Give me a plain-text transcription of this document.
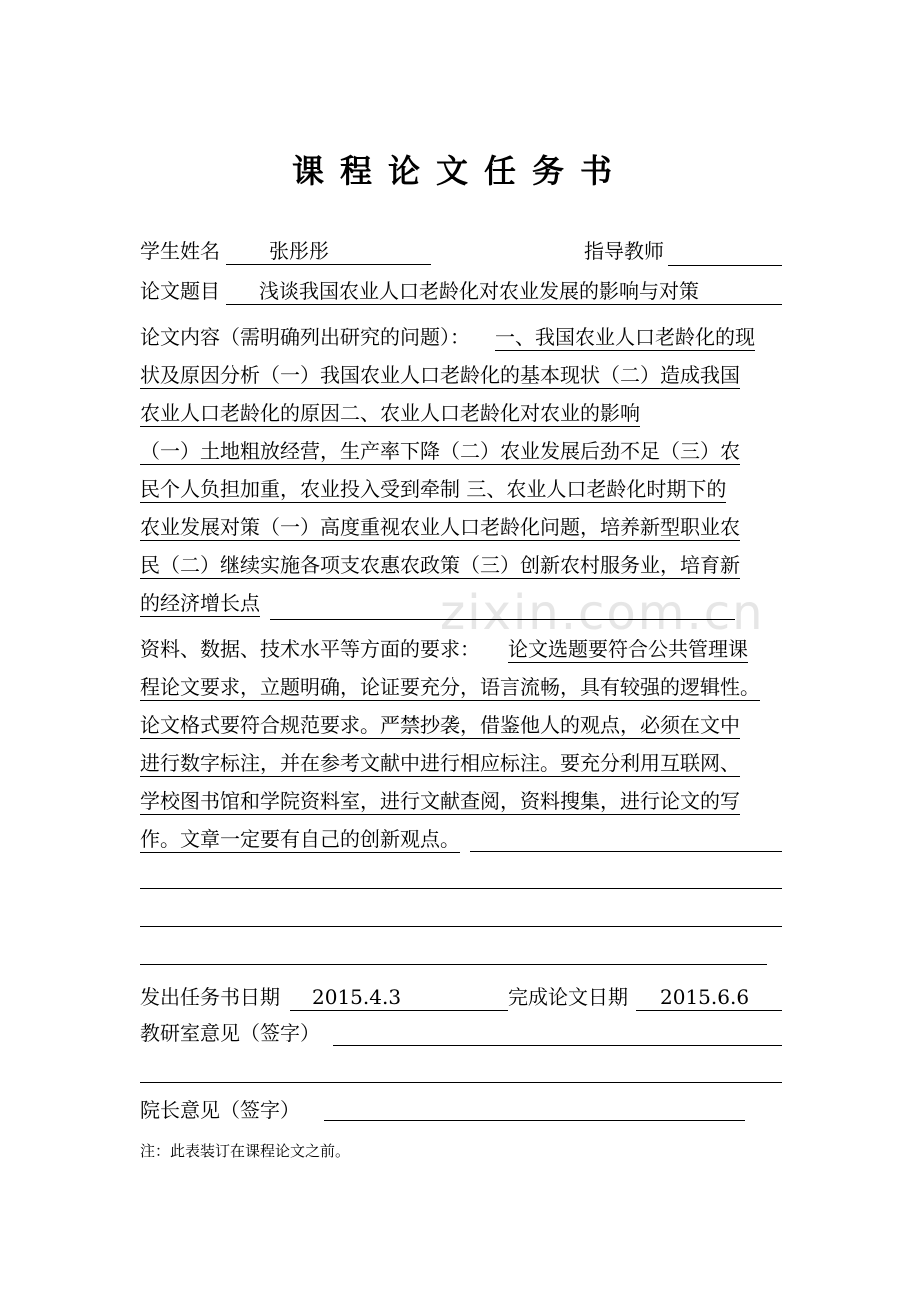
zixin.com.cn
课程论文任务书
学生姓名	张彤彤	指导教师
论文题目	浅谈我国农业人口老龄化对农业发展的影响与对策
论文内容（需明确列出研究的问题）： 一、我国农业人口老龄化的现
状及原因分析（一）我国农业人口老龄化的基本现状（二）造成我国
农业人口老龄化的原因二、农业人口老龄化对农业的影响
（一）土地粗放经营，生产率下降（二）农业发展后劲不足（三）农
民个人负担加重，农业投入受到牵制 三、农业人口老龄化时期下的
农业发展对策（一）高度重视农业人口老龄化问题，培养新型职业农
民（二）继续实施各项支农惠农政策（三）创新农村服务业，培育新
的经济增长点
资料、数据、技术水平等方面的要求： 论文选题要符合公共管理课
程论文要求，立题明确，论证要充分，语言流畅，具有较强的逻辑性。
论文格式要符合规范要求。严禁抄袭，借鉴他人的观点，必须在文中
进行数字标注，并在参考文献中进行相应标注。要充分利用互联网、
学校图书馆和学院资料室，进行文献查阅，资料搜集，进行论文的写
作。文章一定要有自己的创新观点。
发出任务书日期	2015.4.3	完成论文日期	2015.6.6
教研室意见（签字）
院长意见（签字）
注：此表装订在课程论文之前。
